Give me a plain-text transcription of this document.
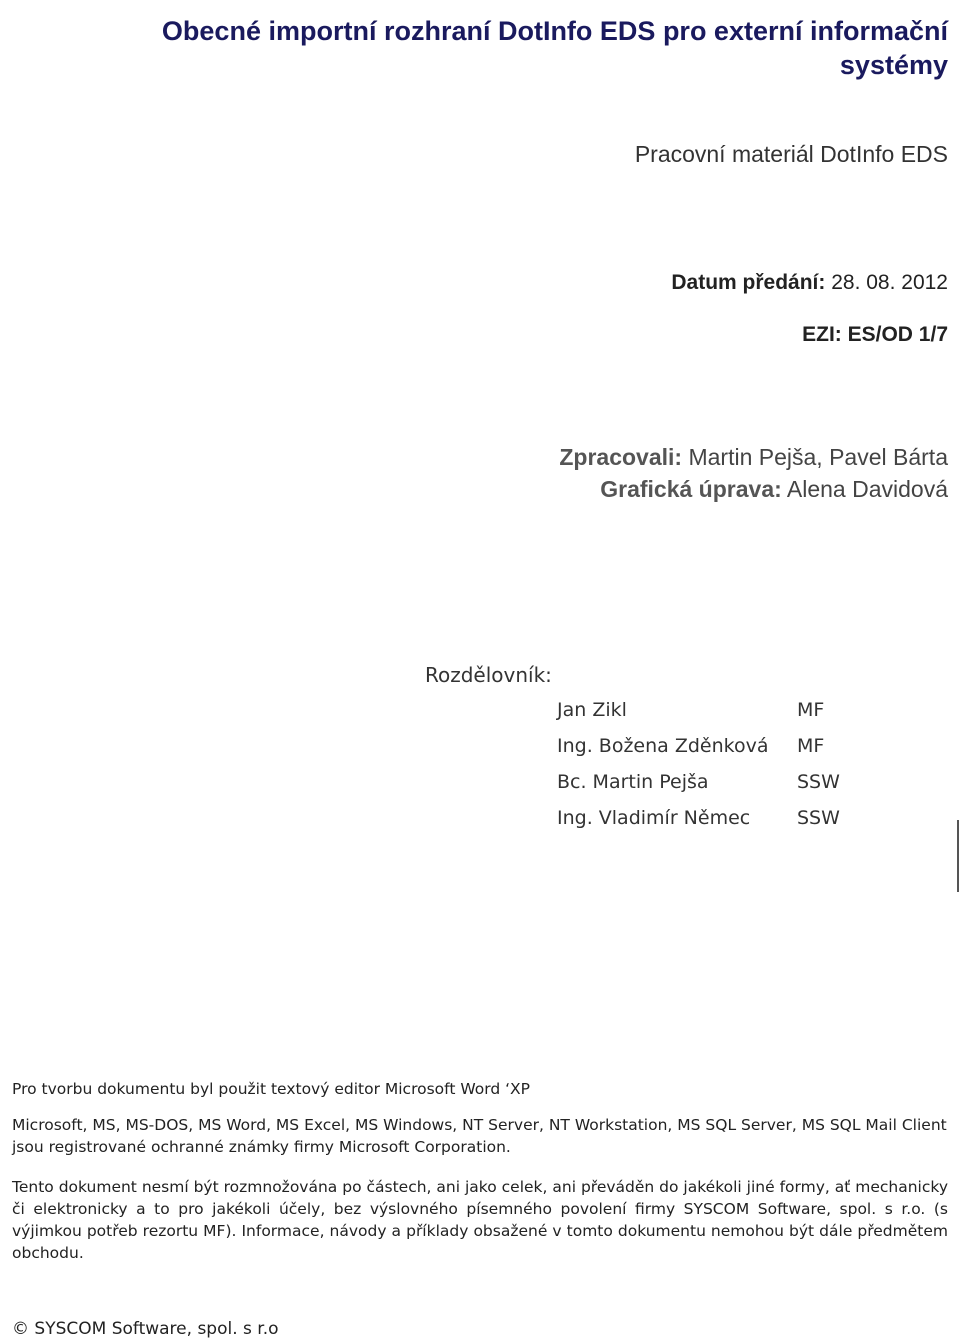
Obecné importní rozhraní DotInfo EDS pro externí informační systémy
Pracovní materiál DotInfo EDS
Datum předání: 28. 08. 2012
EZI: ES/OD 1/7
Zpracovali: Martin Pejša, Pavel Bárta
Grafická úprava: Alena Davidová
Rozdělovník:
Jan Zikl	MF
Ing. Božena Zděnková	MF
Bc. Martin Pejša	SSW
Ing. Vladimír Němec	SSW

Pro tvorbu dokumentu byl použit textový editor Microsoft Word ‘XP

Microsoft, MS, MS-DOS, MS Word, MS Excel, MS Windows, NT Server, NT Workstation, MS SQL Server, MS SQL Mail Client jsou registrované ochranné známky firmy Microsoft Corporation.

Tento dokument nesmí být rozmnožována po částech, ani jako celek, ani převáděn do jakékoli jiné formy, ať mechanicky či elektronicky a to pro jakékoli účely, bez výslovného písemného povolení firmy SYSCOM Software, spol. s r.o. (s výjimkou potřeb rezortu MF). Informace, návody a příklady obsažené v tomto dokumentu nemohou být dále předmětem obchodu.

© SYSCOM Software, spol. s r.o
